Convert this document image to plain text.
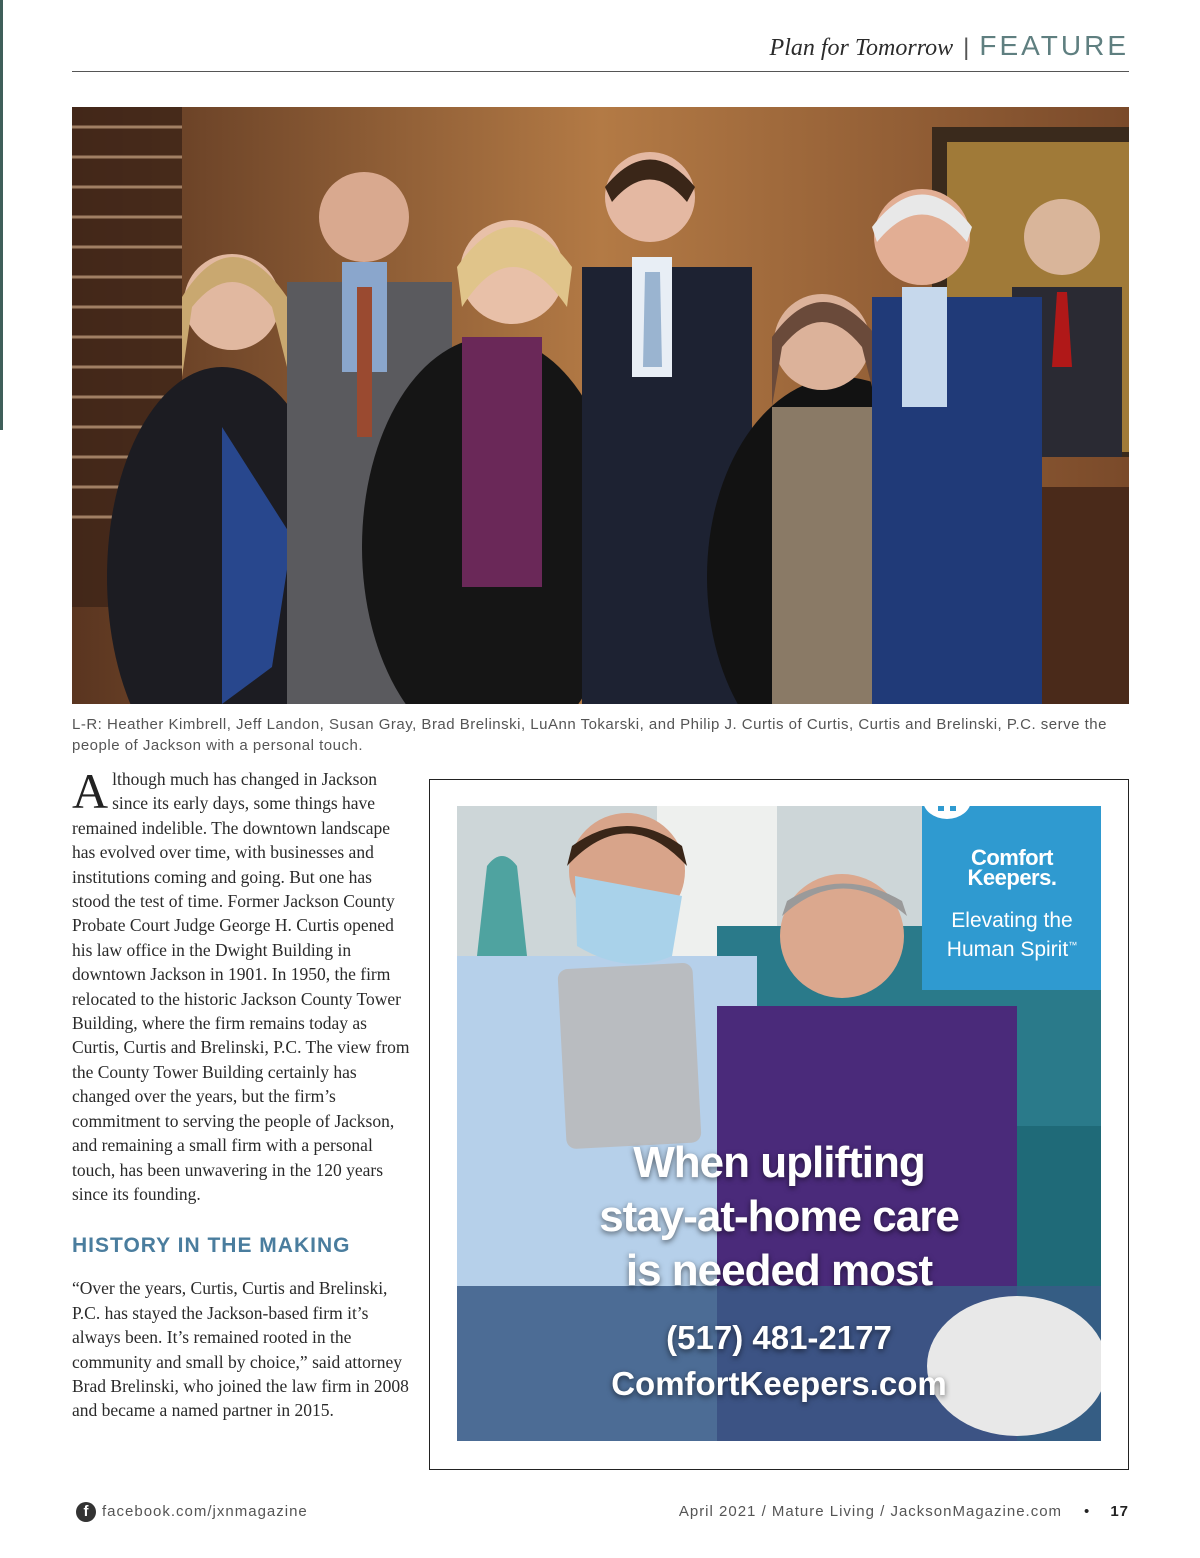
Plan for Tomorrow | FEATURE
L-R: Heather Kimbrell, Jeff Landon, Susan Gray, Brad Brelinski, LuAnn Tokarski, and Philip J. Curtis of Curtis, Curtis and Brelinski, P.C. serve the people of Jackson with a personal touch.

Although much has changed in Jackson since its early days, some things have remained indelible. The downtown landscape has evolved over time, with businesses and institutions coming and going. But one has stood the test of time. Former Jackson County Probate Court Judge George H. Curtis opened his law office in the Dwight Building in downtown Jackson in 1901. In 1950, the firm relocated to the historic Jackson County Tower Building, where the firm remains today as Curtis, Curtis and Brelinski, P.C. The view from the County Tower Building certainly has changed over the years, but the firm’s commitment to serving the people of Jackson, and remaining a small firm with a personal touch, has been unwavering in the 120 years since its founding.

HISTORY IN THE MAKING

“Over the years, Curtis, Curtis and Brelinski, P.C. has stayed the Jackson-based firm it’s always been. It’s remained rooted in the community and small by choice,” said attorney Brad Brelinski, who joined the law firm in 2008 and became a named partner in 2015.

Comfort
Keepers.
Elevating the
Human Spirit™
When uplifting
stay-at-home care
is needed most
(517) 481-2177
ComfortKeepers.com
f facebook.com/jxnmagazine	April 2021 / Mature Living / JacksonMagazine.com • 17
